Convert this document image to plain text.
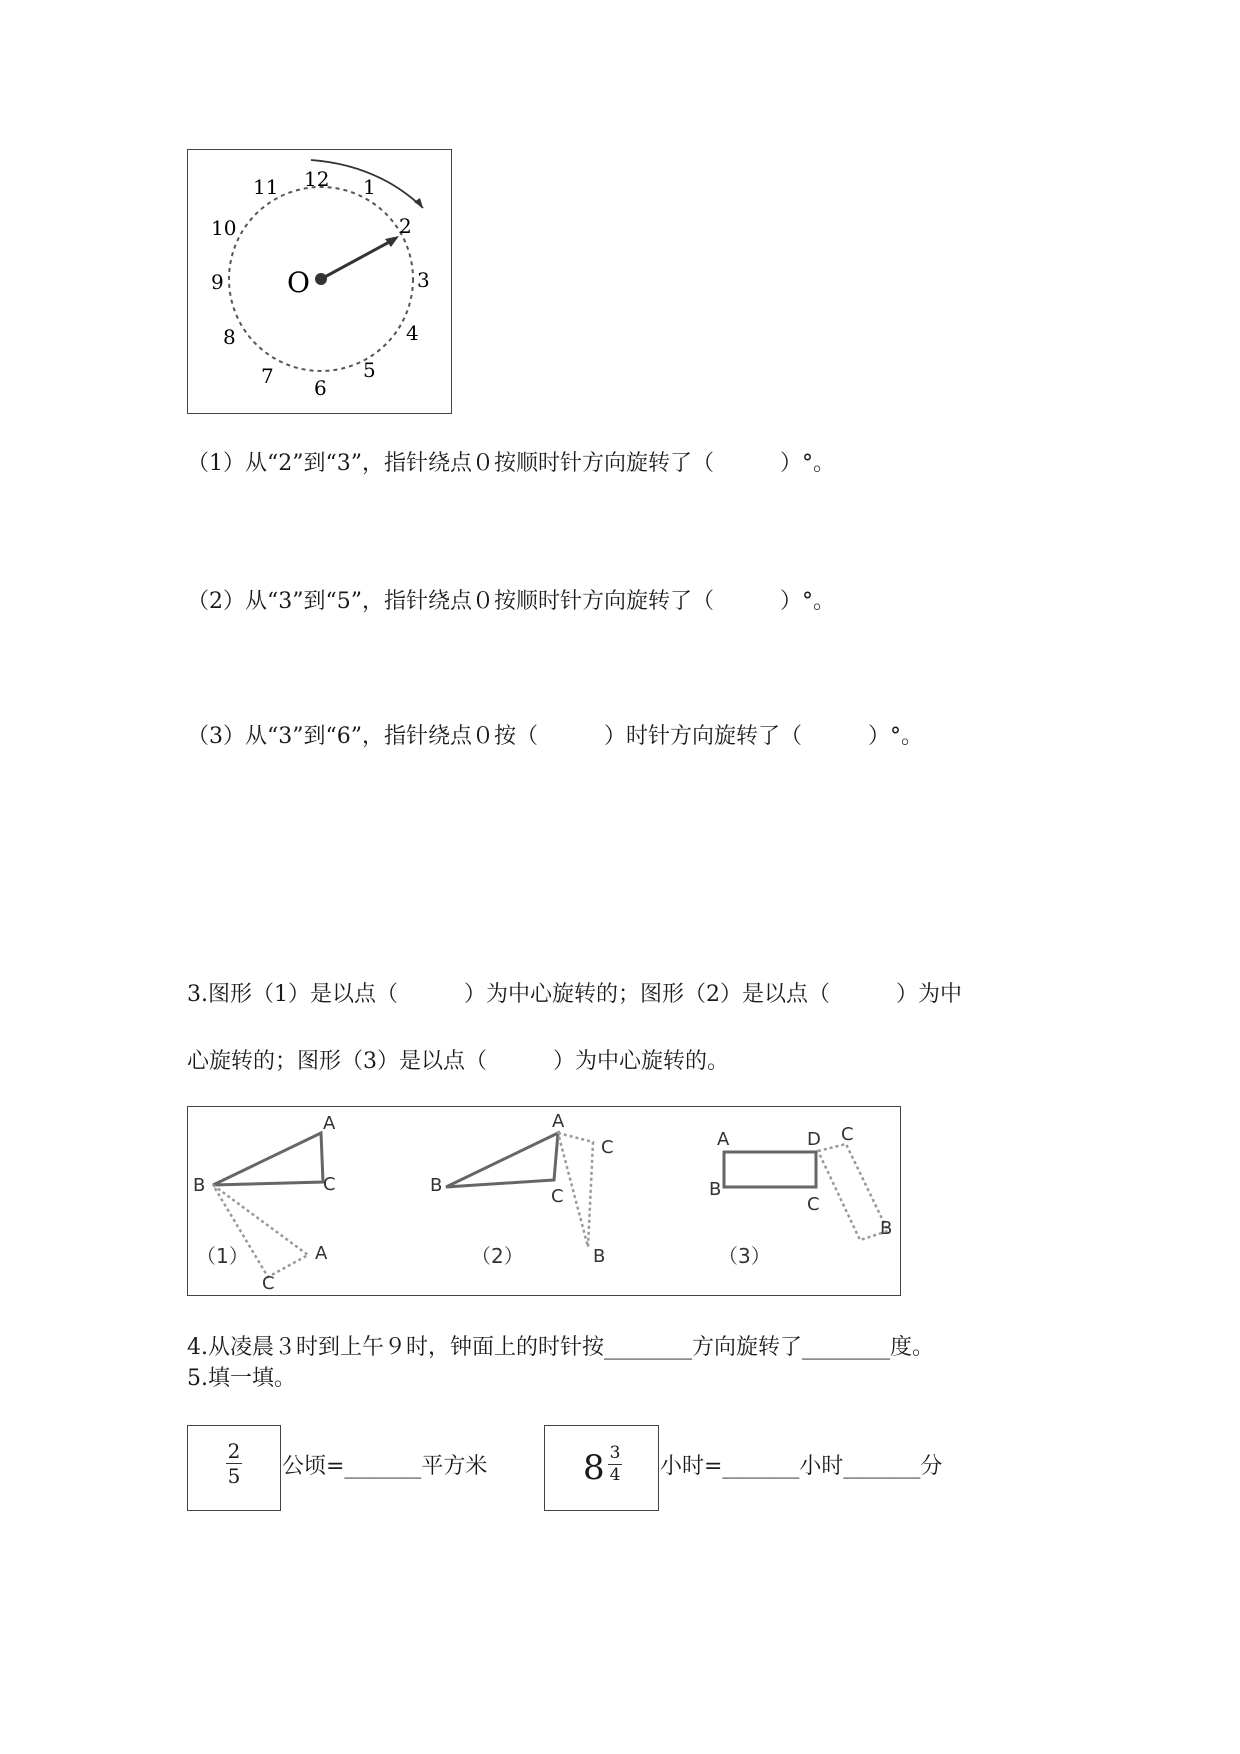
O
12 1
2
3
4
5
6
7
8
9
10
11
（1）从“2”到“3”，指针绕点０按顺时针方向旋转了（　　　）°。
（2）从“3”到“5”，指针绕点０按顺时针方向旋转了（　　　）°。
（3）从“3”到“6”，指针绕点０按（　　　）时针方向旋转了（　　　）°。
3.图形（1）是以点（　　　）为中心旋转的；图形（2）是以点（　　　）为中
心旋转的；图形（3）是以点（　　　）为中心旋转的。
A
B	C
A
C
（1）
A
B
C
C
B
（2）
A
B
D
C
C
B
（3）
4.从凌晨３时到上午９时，钟面上的时针按________方向旋转了________度。
5.填一填。
2
5	公顷=_______平方米	8 3
4 小时=_______小时_______分
